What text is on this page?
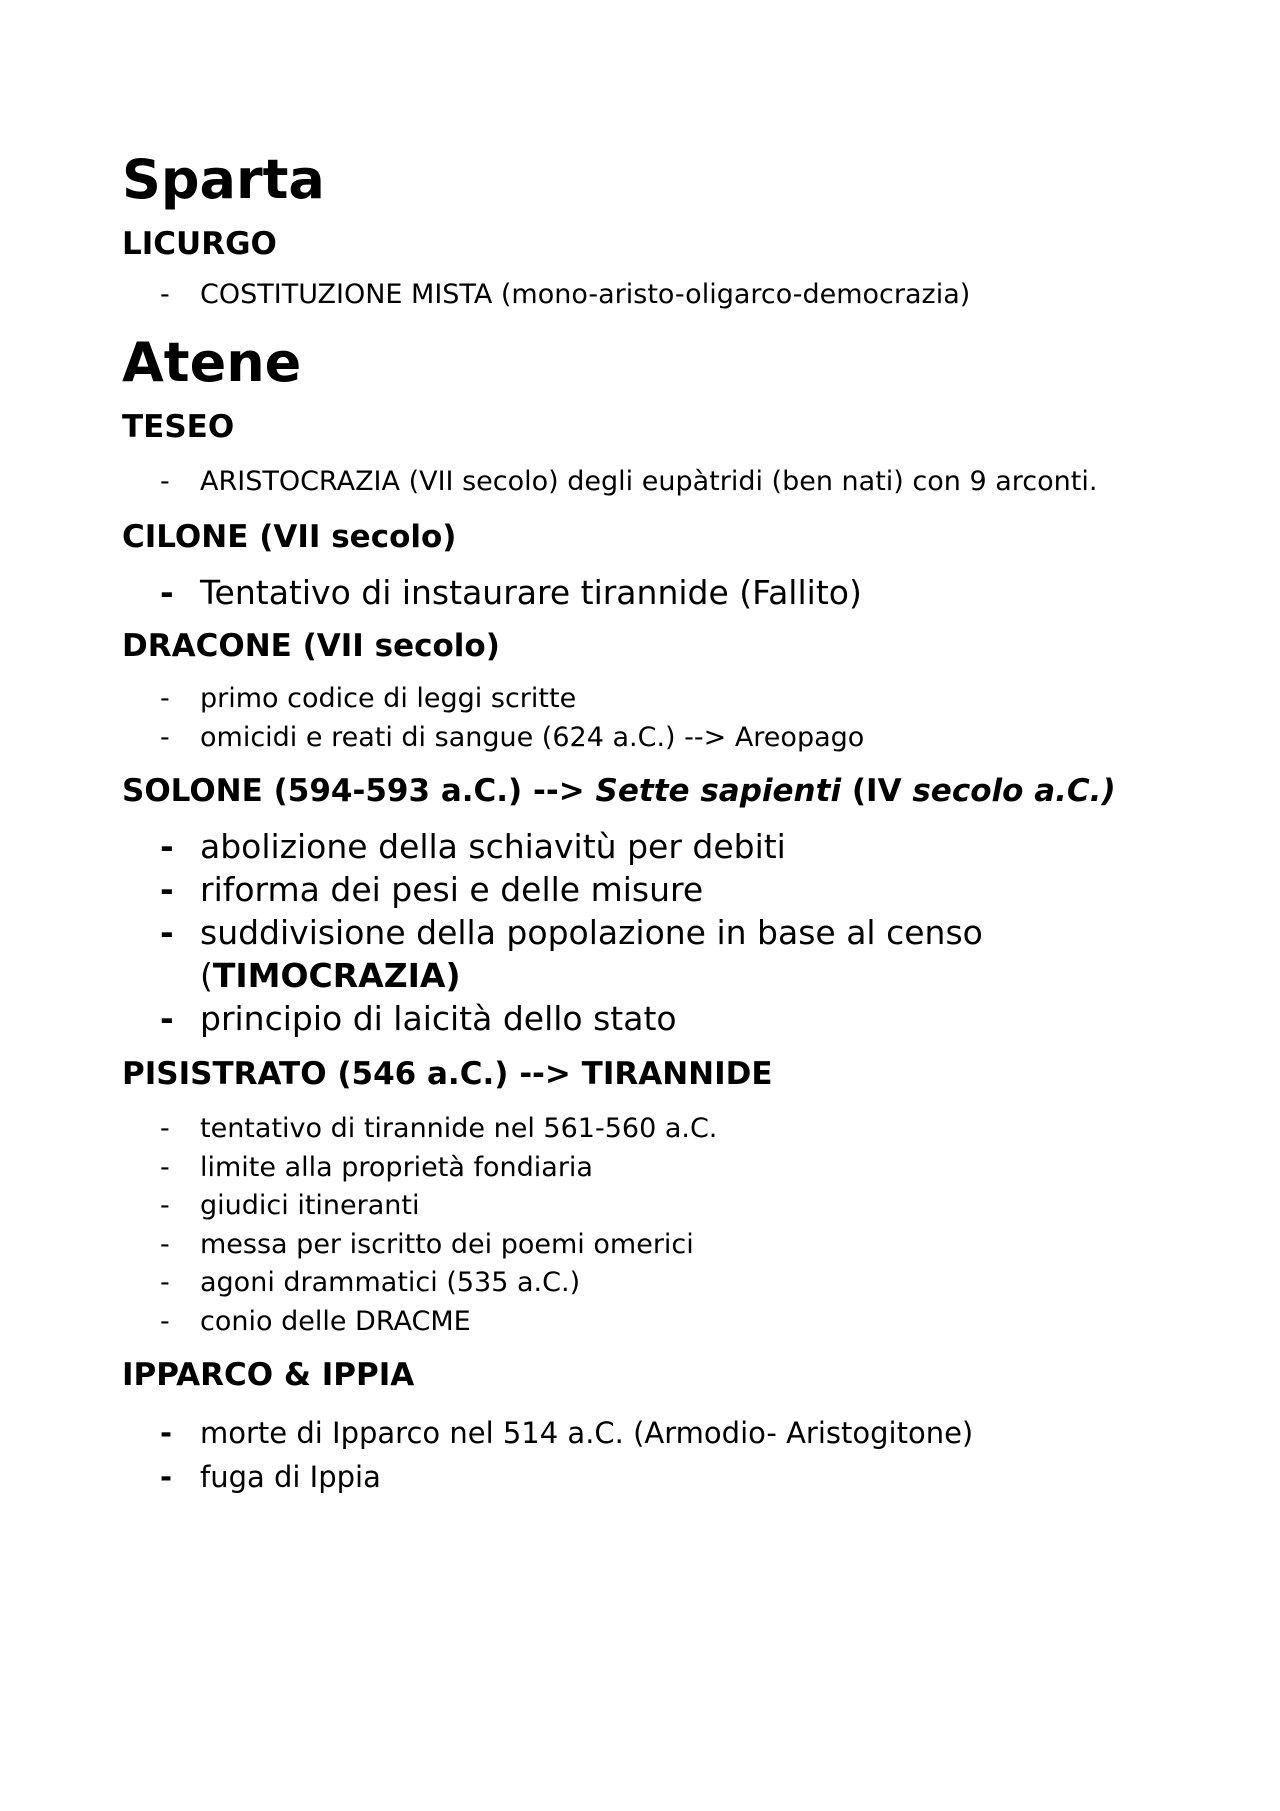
Sparta
LICURGO
- COSTITUZIONE MISTA (mono-aristo-oligarco-democrazia)
Atene
TESEO
- ARISTOCRAZIA (VII secolo) degli eupàtridi (ben nati) con 9 arconti.
CILONE (VII secolo)
- Tentativo di instaurare tirannide (Fallito)
DRACONE (VII secolo)
- primo codice di leggi scritte
- omicidi e reati di sangue (624 a.C.) --> Areopago
SOLONE (594-593 a.C.) --> Sette sapienti (IV secolo a.C.)
- abolizione della schiavitù per debiti
- riforma dei pesi e delle misure
- suddivisione della popolazione in base al censo (TIMOCRAZIA)
- principio di laicità dello stato
PISISTRATO (546 a.C.) --> TIRANNIDE
- tentativo di tirannide nel 561-560 a.C.
- limite alla proprietà fondiaria
- giudici itineranti
- messa per iscritto dei poemi omerici
- agoni drammatici (535 a.C.)
- conio delle DRACME
IPPARCO & IPPIA
- morte di Ipparco nel 514 a.C. (Armodio- Aristogitone)
- fuga di Ippia
